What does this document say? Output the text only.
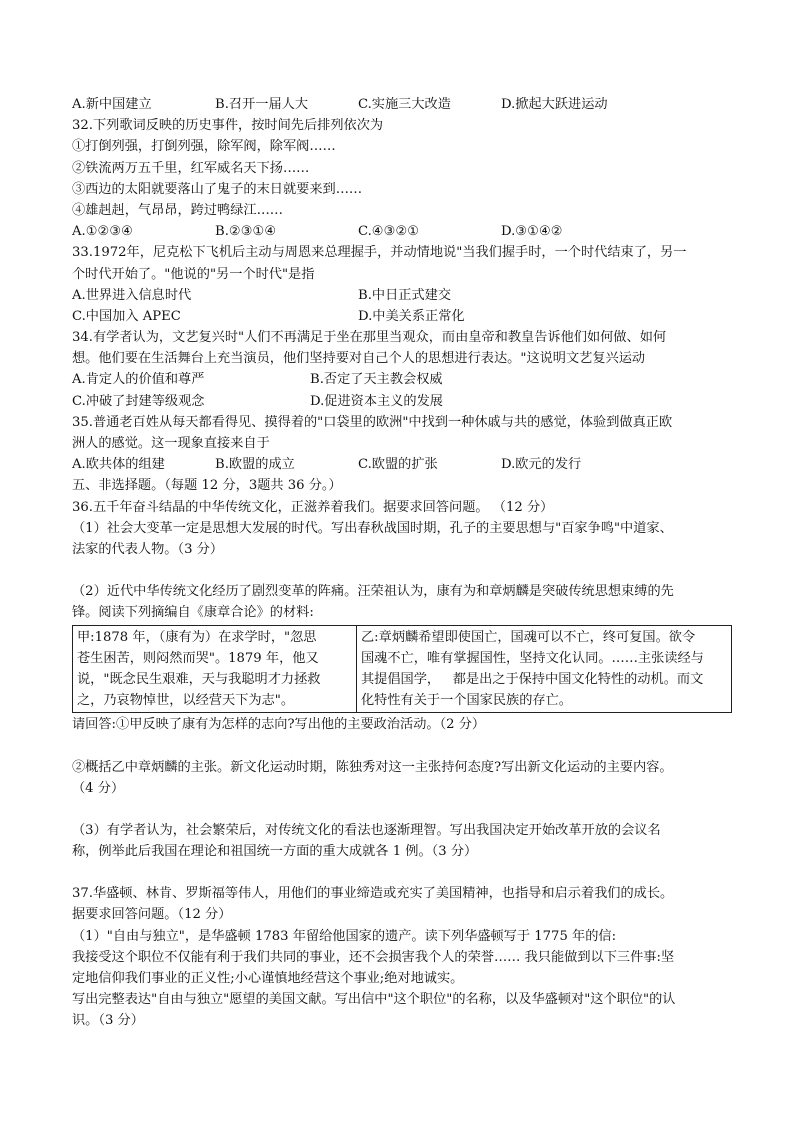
A.新中国建立	B.召开一届人大	C.实施三大改造	D.掀起大跃进运动
32.下列歌词反映的历史事件，按时间先后排列依次为
①打倒列强，打倒列强，除军阀，除军阀……
②铁流两万五千里，红军威名天下扬……
③西边的太阳就要落山了鬼子的末日就要来到……
④雄赳赳，气昂昂，跨过鸭绿江……
A.①②③④	B.②③①④	C.④③②①	D.③①④②
33.1972年，尼克松下飞机后主动与周恩来总理握手，并动情地说"当我们握手时，一个时代结束了，另一
个时代开始了。"他说的"另一个时代"是指
A.世界进入信息时代	B.中日正式建交
C.中国加入 APEC	D.中美关系正常化
34.有学者认为，文艺复兴时"人们不再满足于坐在那里当观众，而由皇帝和教皇告诉他们如何做、如何
想。他们要在生活舞台上充当演员，他们坚持要对自己个人的思想进行表达。"这说明文艺复兴运动
A.肯定人的价值和尊严	B.否定了天主教会权威
C.冲破了封建等级观念	D.促进资本主义的发展
35.普通老百姓从每天都看得见、摸得着的"口袋里的欧洲"中找到一种休戚与共的感觉，体验到做真正欧
洲人的感觉。这一现象直接来自于
A.欧共体的组建	B.欧盟的成立	C.欧盟的扩张	D.欧元的发行
五、非选择题。（每题 12 分，3题共 36 分。）
36.五千年奋斗结晶的中华传统文化，正滋养着我们。据要求回答问题。 （12 分）
（1）社会大变革一定是思想大发展的时代。写出春秋战国时期，孔子的主要思想与"百家争鸣"中道家、
法家的代表人物。（3 分）
（2）近代中华传统文化经历了剧烈变革的阵痛。汪荣祖认为，康有为和章炳麟是突破传统思想束缚的先
锋。阅读下列摘编自《康章合论》的材料:
甲:1878 年，（康有为）在求学时，"忽思
苍生困苦，则闷然而哭"。1879 年，他又
说，"既念民生艰难，天与我聪明才力拯救
之，乃哀物悼世，以经营天下为志"。
乙:章炳麟希望即使国亡，国魂可以不亡，终可复国。欲令
国魂不亡，唯有掌握国性，坚持文化认同。……主张读经与
其提倡国学，   都是出之于保持中国文化特性的动机。而文
化特性有关于一个国家民族的存亡。
请回答:①甲反映了康有为怎样的志向?写出他的主要政治活动。（2 分）
②概括乙中章炳麟的主张。新文化运动时期，陈独秀对这一主张持何态度?写出新文化运动的主要内容。
（4 分）
（3）有学者认为，社会繁荣后，对传统文化的看法也逐渐理智。写出我国决定开始改革开放的会议名
称，例举此后我国在理论和祖国统一方面的重大成就各 1 例。（3 分）
37.华盛顿、林肯、罗斯福等伟人，用他们的事业缔造或充实了美国精神，也指导和启示着我们的成长。
据要求回答问题。（12 分）
（1）"自由与独立"，是华盛顿 1783 年留给他国家的遗产。读下列华盛顿写于 1775 年的信:
我接受这个职位不仅能有利于我们共同的事业，还不会损害我个人的荣誉…… 我只能做到以下三件事:坚
定地信仰我们事业的正义性;小心谨慎地经营这个事业;绝对地诚实。
写出完整表达"自由与独立"愿望的美国文献。写出信中"这个职位"的名称，以及华盛顿对"这个职位"的认
识。（3 分）
